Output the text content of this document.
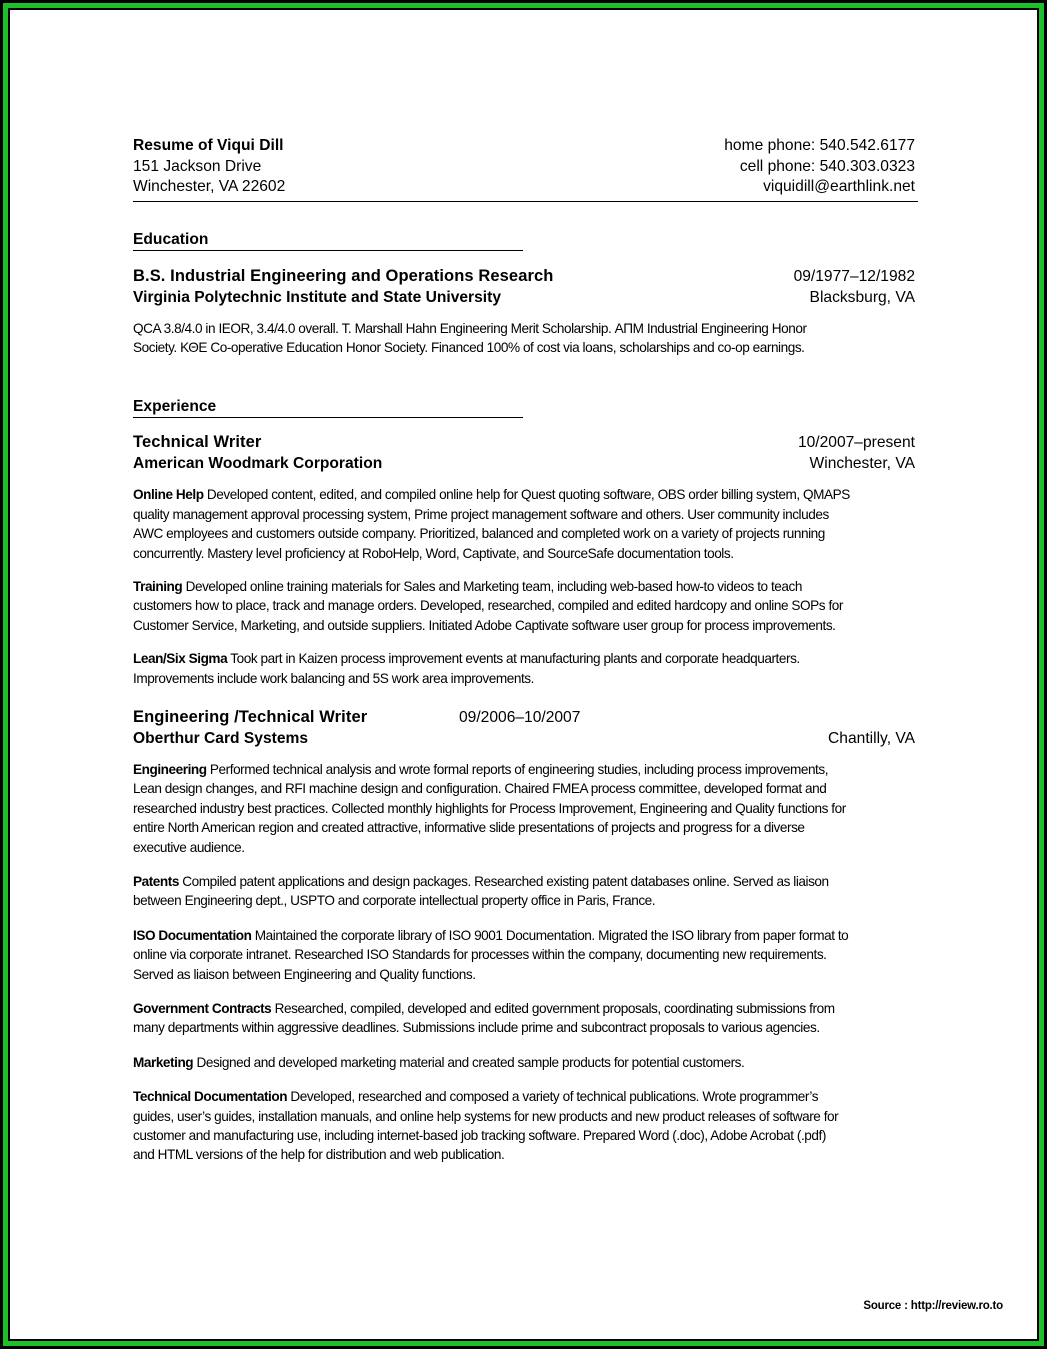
Resume of Viqui Dill
151 Jackson Drive
Winchester, VA 22602
home phone: 540.542.6177
cell phone: 540.303.0323
viquidill@earthlink.net
Education
B.S. Industrial Engineering and Operations Research	09/1977–12/1982
Virginia Polytechnic Institute and State University	Blacksburg, VA
QCA 3.8/4.0 in IEOR, 3.4/4.0 overall. T. Marshall Hahn Engineering Merit Scholarship. ΑΠΜ Industrial Engineering Honor
Society. ΚΘΕ Co-operative Education Honor Society. Financed 100% of cost via loans, scholarships and co-op earnings.
Experience
Technical Writer	10/2007–present
American Woodmark Corporation	Winchester, VA
Online Help Developed content, edited, and compiled online help for Quest quoting software, OBS order billing system, QMAPS
quality management approval processing system, Prime project management software and others. User community includes
AWC employees and customers outside company. Prioritized, balanced and completed work on a variety of projects running
concurrently. Mastery level proficiency at RoboHelp, Word, Captivate, and SourceSafe documentation tools.
Training Developed online training materials for Sales and Marketing team, including web-based how-to videos to teach
customers how to place, track and manage orders. Developed, researched, compiled and edited hardcopy and online SOPs for
Customer Service, Marketing, and outside suppliers. Initiated Adobe Captivate software user group for process improvements.
Lean/Six Sigma Took part in Kaizen process improvement events at manufacturing plants and corporate headquarters.
Improvements include work balancing and 5S work area improvements.
Engineering /Technical Writer	09/2006–10/2007
Oberthur Card Systems	Chantilly, VA
Engineering Performed technical analysis and wrote formal reports of engineering studies, including process improvements,
Lean design changes, and RFI machine design and configuration. Chaired FMEA process committee, developed format and
researched industry best practices. Collected monthly highlights for Process Improvement, Engineering and Quality functions for
entire North American region and created attractive, informative slide presentations of projects and progress for a diverse
executive audience.
Patents Compiled patent applications and design packages. Researched existing patent databases online. Served as liaison
between Engineering dept., USPTO and corporate intellectual property office in Paris, France.
ISO Documentation Maintained the corporate library of ISO 9001 Documentation. Migrated the ISO library from paper format to
online via corporate intranet. Researched ISO Standards for processes within the company, documenting new requirements.
Served as liaison between Engineering and Quality functions.
Government Contracts Researched, compiled, developed and edited government proposals, coordinating submissions from
many departments within aggressive deadlines. Submissions include prime and subcontract proposals to various agencies.
Marketing Designed and developed marketing material and created sample products for potential customers.
Technical Documentation Developed, researched and composed a variety of technical publications. Wrote programmer’s
guides, user’s guides, installation manuals, and online help systems for new products and new product releases of software for
customer and manufacturing use, including internet-based job tracking software. Prepared Word (.doc), Adobe Acrobat (.pdf)
and HTML versions of the help for distribution and web publication.
Source : http://review.ro.to
